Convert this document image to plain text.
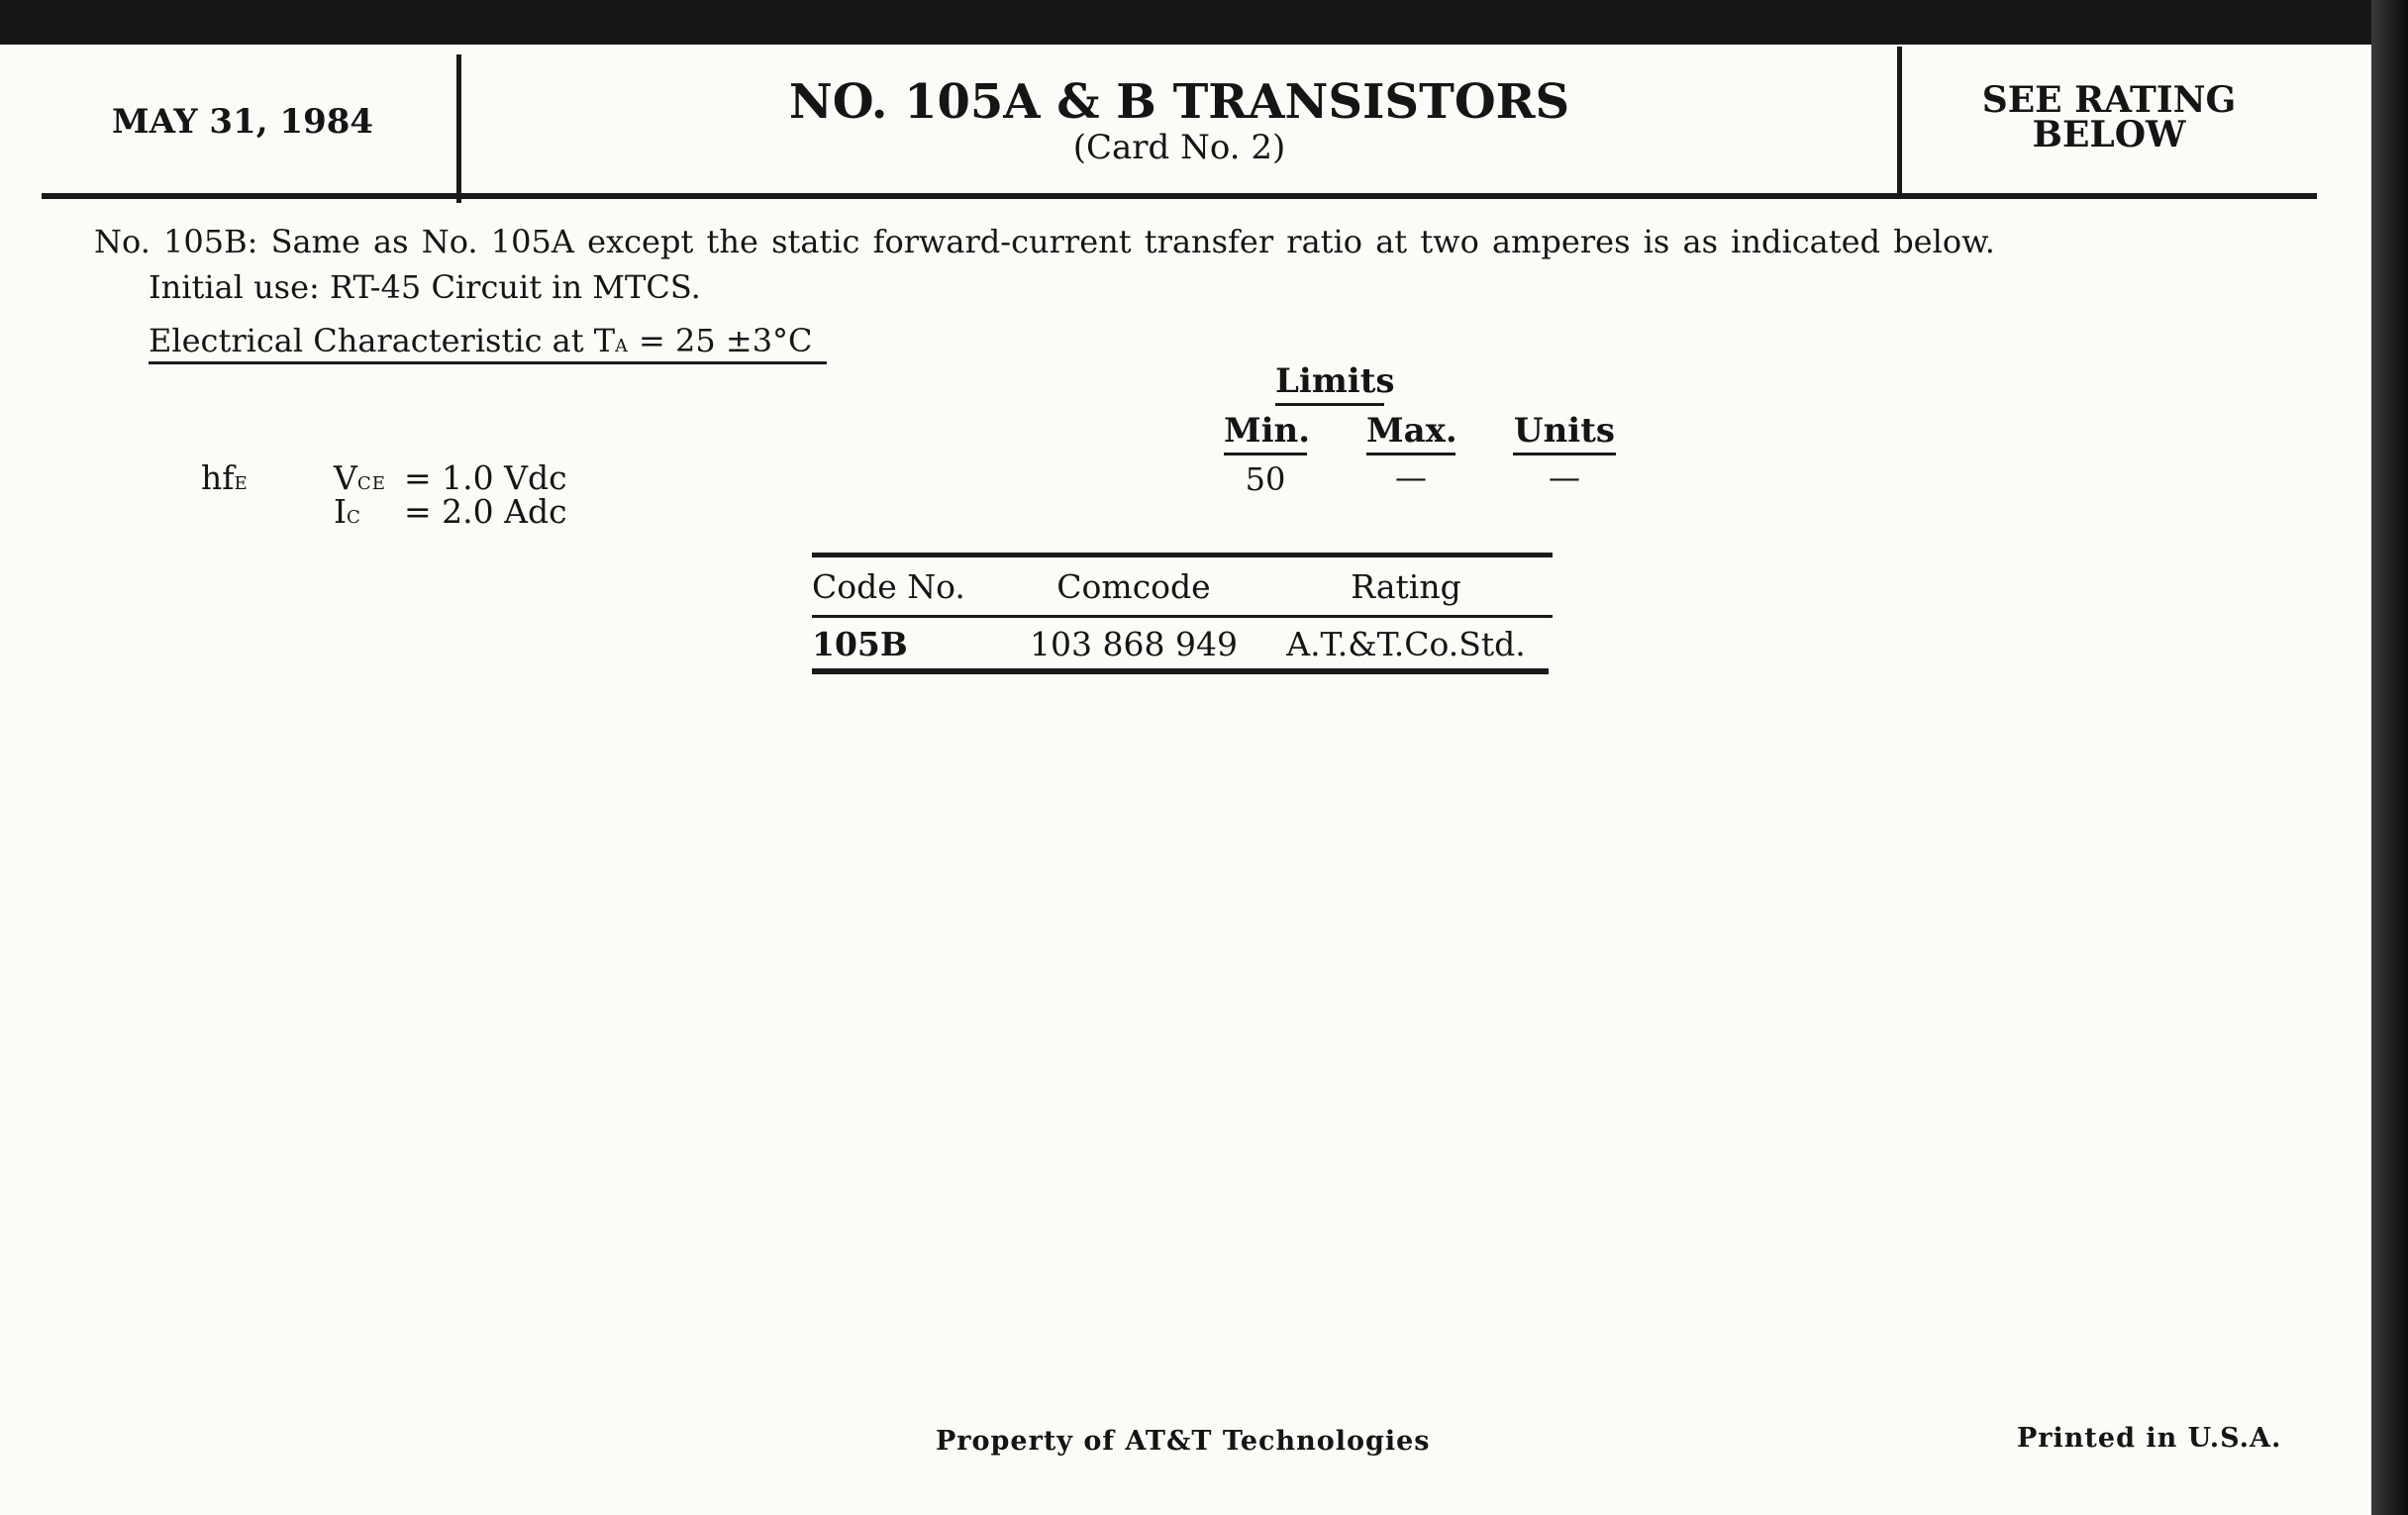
MAY 31, 1984	NO. 105A & B TRANSISTORS
(Card No. 2)
SEE RATING
BELOW
No. 105B: Same as No. 105A except the static forward-current transfer ratio at two amperes is as indicated below.
Initial use: RT-45 Circuit in MTCS.
Electrical Characteristic at TA = 25 ±3°C
Limits
Min. Max. Units
hfE	VCE = 1.0 Vdc
IC = 2.0 Adc
50	—	—
Code No.	Comcode	Rating
105B	103 868 949	A.T.&T.Co.Std.
Property of AT&T Technologies	Printed in U.S.A.
